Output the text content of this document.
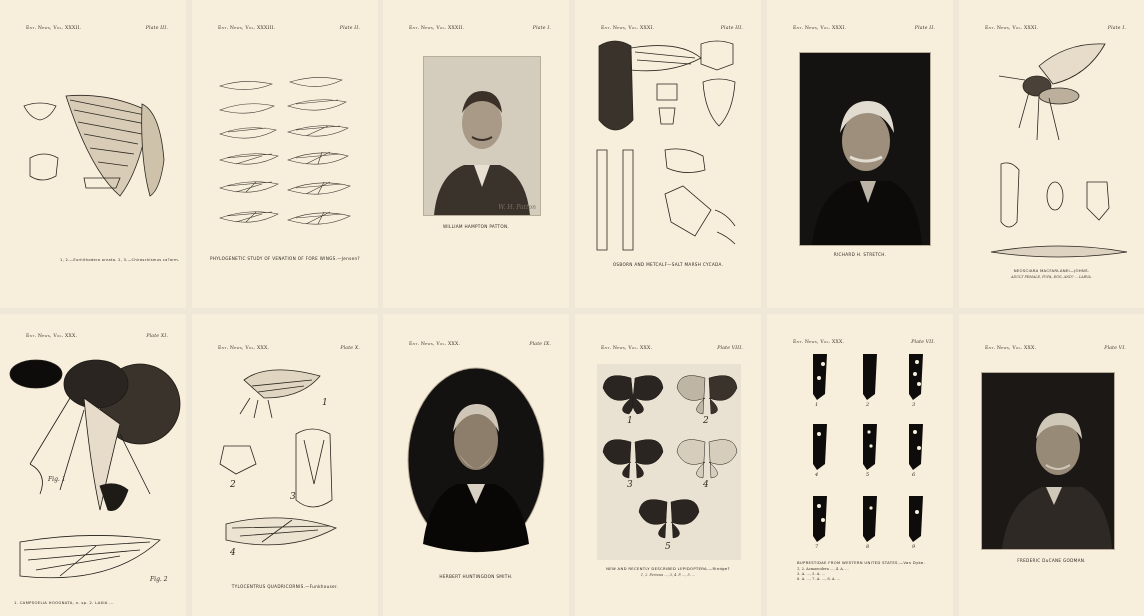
Ent. News, Vol. XXXII.	Plate III.
1, 2.—Eurhithodera ornata. 2, 3.—Chiroschismus ca?orm.
Ent. News, Vol. XXXIII.	Plate II.
PHYLOGENETIC STUDY OF VENATION OF FORE WINGS.—Jensen?
Ent. News, Vol. XXXII.	Plate I.
W. H. Patton
WILLIAM HAMPTON PATTON.
Ent. News, Vol. XXXI.	Plate III.
OSBORN AND METCALF—SALT MARSH CYCADA.
Ent. News, Vol. XXXI.	Plate II.
RICHARD H. STRETCH.
Ent. News, Vol. XXXI.	Plate I.
NEOSCIARA MACFARLANEI—JOHNS.
ADULT FEMALE, PUPA, EGG, AND? ... LARVA.
Ent. News, Vol. XXX.	Plate XI.
Fig. 1
Fig. 2
1. CAMPSOELIA HOOGNATA, n. sp. 2. LAXIA ...
Ent. News, Vol. XXX.	Plate X.
1
2
3
4
TYLOCENTRUS QUADRICORNIS.—Funkhouser.
Ent. News, Vol. XXX.	Plate IX.
HERBERT HUNTINGDON SMITH.
Ent. News, Vol. XXX.	Plate VIII.
1	2
3	4
5
NEW AND RECENTLY DESCRIBED LEPIDOPTERA.—Rindge?
1, 2. Fernosa ..., 3, 4. P. ..., 5. ...
Ent. News, Vol. XXX.	Plate VII.
1	2	3
4	5	6
7	8	9
BUPRESTIDAE FROM WESTERN UNITED STATES.—Van Dyke.
1, 2. Acmaeodera ..., 4. A. ...
3. A. ..., 5. A. ...
6. A. ..., 7. A. ..., 8. A. ...
Ent. News, Vol. XXX.	Plate VI.
FREDERIC DuCANE GODMAN.
